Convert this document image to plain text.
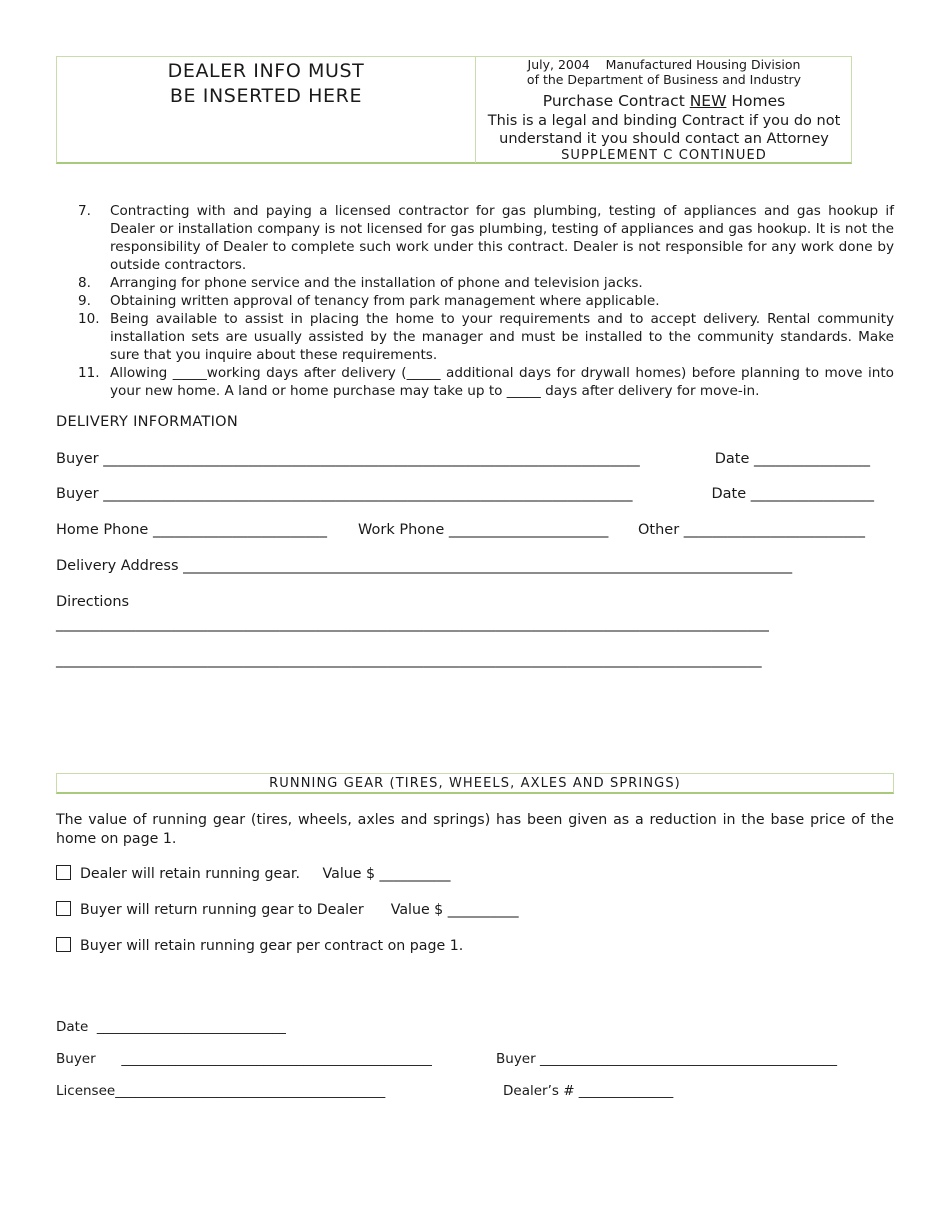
DEALER INFO MUST
BE INSERTED HERE
July, 2004    Manufactured Housing Division
of the Department of Business and Industry
Purchase Contract NEW Homes
This is a legal and binding Contract if you do not
understand it you should contact an Attorney
SUPPLEMENT C CONTINUED
7. Contracting with and paying a licensed contractor for gas plumbing, testing of appliances and gas hookup if Dealer or installation company is not licensed for gas plumbing, testing of appliances and gas hookup. It is not the responsibility of Dealer to complete such work under this contract. Dealer is not responsible for any work done by outside contractors.
8. Arranging for phone service and the installation of phone and television jacks.
9. Obtaining written approval of tenancy from park management where applicable.
10. Being available to assist in placing the home to your requirements and to accept delivery. Rental community installation sets are usually assisted by the manager and must be installed to the community standards. Make sure that you inquire about these requirements.
11. Allowing _____working days after delivery (_____ additional days for drywall homes) before planning to move into your new home. A land or home purchase may take up to _____ days after delivery for move-in.
DELIVERY INFORMATION
Buyer __________________________________________________________________________	Date ________________
Buyer _________________________________________________________________________	Date _________________
Home Phone ________________________ Work Phone ______________________ Other _________________________
Delivery Address ____________________________________________________________________________________
Directions
___________________________________________________________________________________________________
__________________________________________________________________________________________________
RUNNING GEAR (TIRES, WHEELS, AXLES AND SPRINGS)
The value of running gear (tires, wheels, axles and springs) has been given as a reduction in the base price of the home on page 1.
Dealer will retain running gear.     Value $ __________
Buyer will return running gear to Dealer      Value $ __________
Buyer will retain running gear per contract on page 1.
Date  ____________________________
Buyer      ______________________________________________	Buyer ____________________________________________
Licensee________________________________________	Dealer’s # ______________
